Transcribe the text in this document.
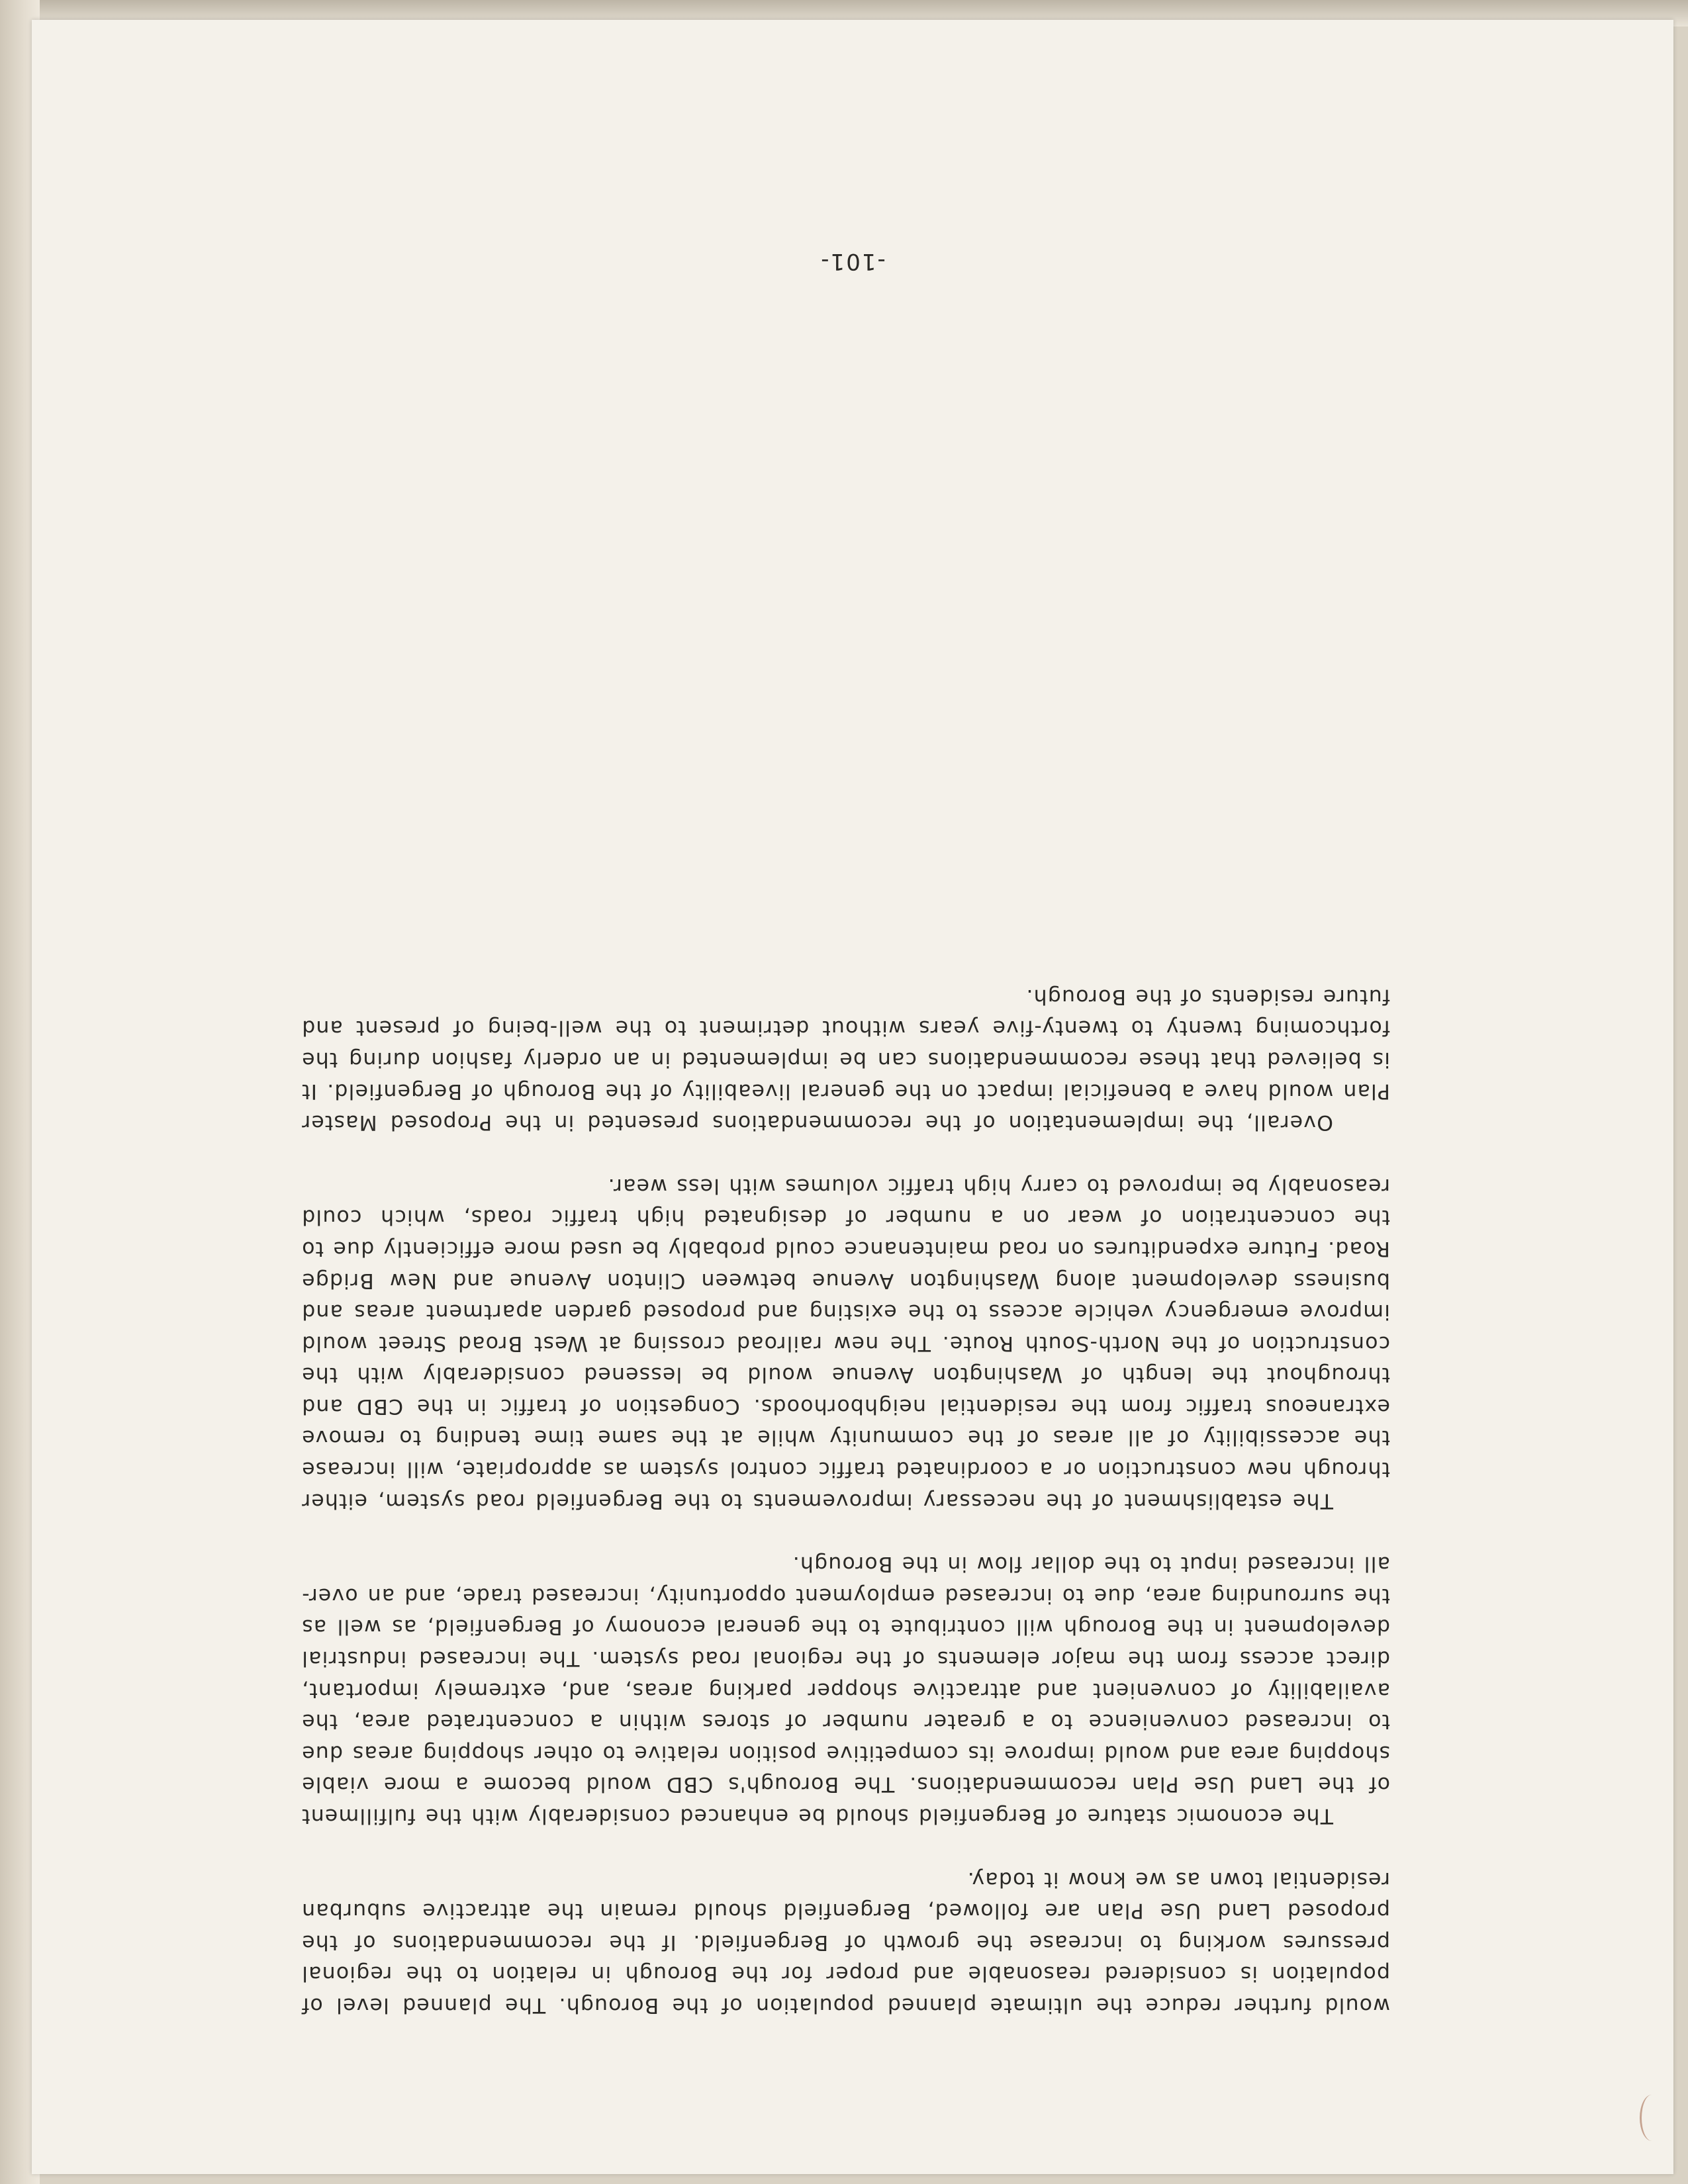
would further reduce the ultimate planned population of the Borough. The planned level of population is considered reasonable and proper for the Borough in relation to the regional pressures working to increase the growth of Bergenfield. If the recommendations of the proposed Land Use Plan are followed, Bergenfield should remain the attractive suburban residential town as we know it today.

The economic stature of Bergenfield should be enhanced considerably with the fulfillment of the Land Use Plan recommendations. The Borough's CBD would become a more viable shopping area and would improve its competitive position relative to other shopping areas due to increased convenience to a greater number of stores within a concentrated area, the availability of convenient and attractive shopper parking areas, and, extremely important, direct access from the major elements of the regional road system. The increased industrial development in the Borough will contribute to the general economy of Bergenfield, as well as the surrounding area, due to increased employment opportunity, increased trade, and an over-all increased input to the dollar flow in the Borough.

The establishment of the necessary improvements to the Bergenfield road system, either through new construction or a coordinated traffic control system as appropriate, will increase the accessibility of all areas of the community while at the same time tending to remove extraneous traffic from the residential neighborhoods. Congestion of traffic in the CBD and throughout the length of Washington Avenue would be lessened considerably with the construction of the North-South Route. The new railroad crossing at West Broad Street would improve emergency vehicle access to the existing and proposed garden apartment areas and business development along Washington Avenue between Clinton Avenue and New Bridge Road. Future expenditures on road maintenance could probably be used more efficiently due to the concentration of wear on a number of designated high traffic roads, which could reasonably be improved to carry high traffic volumes with less wear.

Overall, the implementation of the recommendations presented in the Proposed Master Plan would have a beneficial impact on the general liveability of the Borough of Bergenfield. It is believed that these recommendations can be implemented in an orderly fashion during the forthcoming twenty to twenty-five years without detriment to the well-being of present and future residents of the Borough.

-101-
